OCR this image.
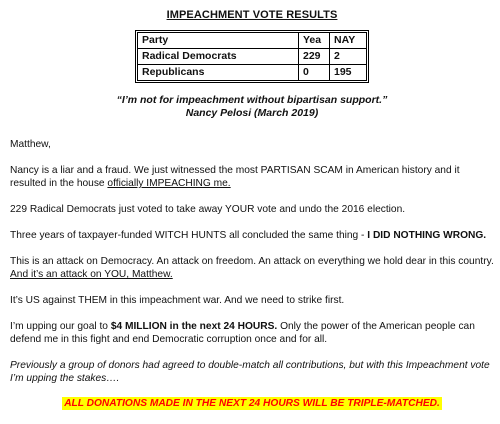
IMPEACHMENT VOTE RESULTS
Party	Yea	NAY
Radical Democrats	229	2
Republicans	0	195
“I’m not for impeachment without bipartisan support.”
Nancy Pelosi (March 2019)

Matthew,

Nancy is a liar and a fraud. We just witnessed the most PARTISAN SCAM in American history and it resulted in the house officially IMPEACHING me.

229 Radical Democrats just voted to take away YOUR vote and undo the 2016 election.

Three years of taxpayer-funded WITCH HUNTS all concluded the same thing - I DID NOTHING WRONG.

This is an attack on Democracy. An attack on freedom. An attack on everything we hold dear in this country. And it’s an attack on YOU, Matthew.

It’s US against THEM in this impeachment war. And we need to strike first.

I’m upping our goal to $4 MILLION in the next 24 HOURS. Only the power of the American people can defend me in this fight and end Democratic corruption once and for all.

Previously a group of donors had agreed to double-match all contributions, but with this Impeachment vote I’m upping the stakes….

ALL DONATIONS MADE IN THE NEXT 24 HOURS WILL BE TRIPLE-MATCHED.
